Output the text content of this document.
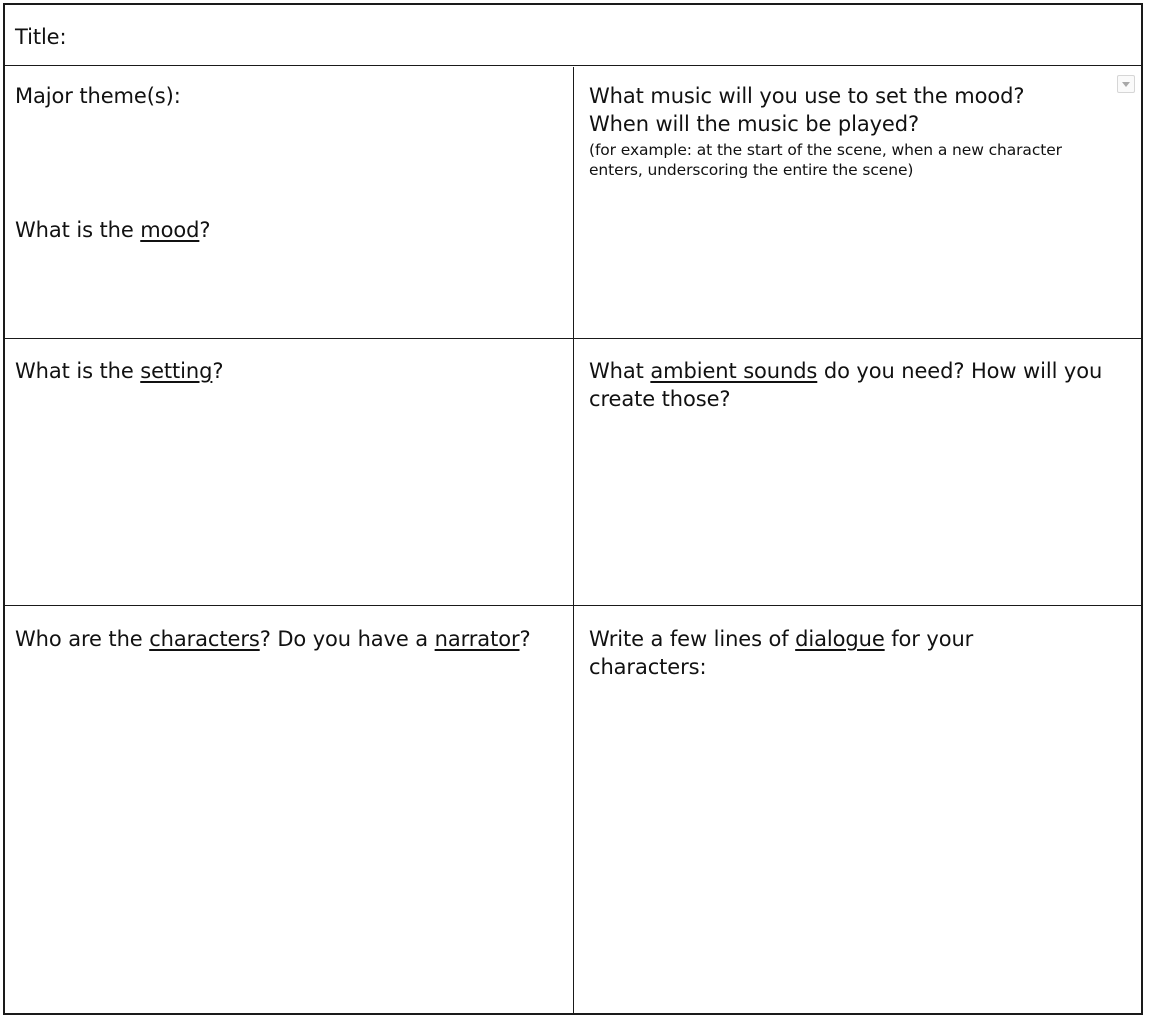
Title:

Major theme(s):

What is the mood?

What music will you use to set the mood?

When will the music be played?

(for example: at the start of the scene, when a new character enters, underscoring the entire the scene)

What is the setting?	What ambient sounds do you need? How will you create those?

Who are the characters? Do you have a narrator?	Write a few lines of dialogue for your characters:
